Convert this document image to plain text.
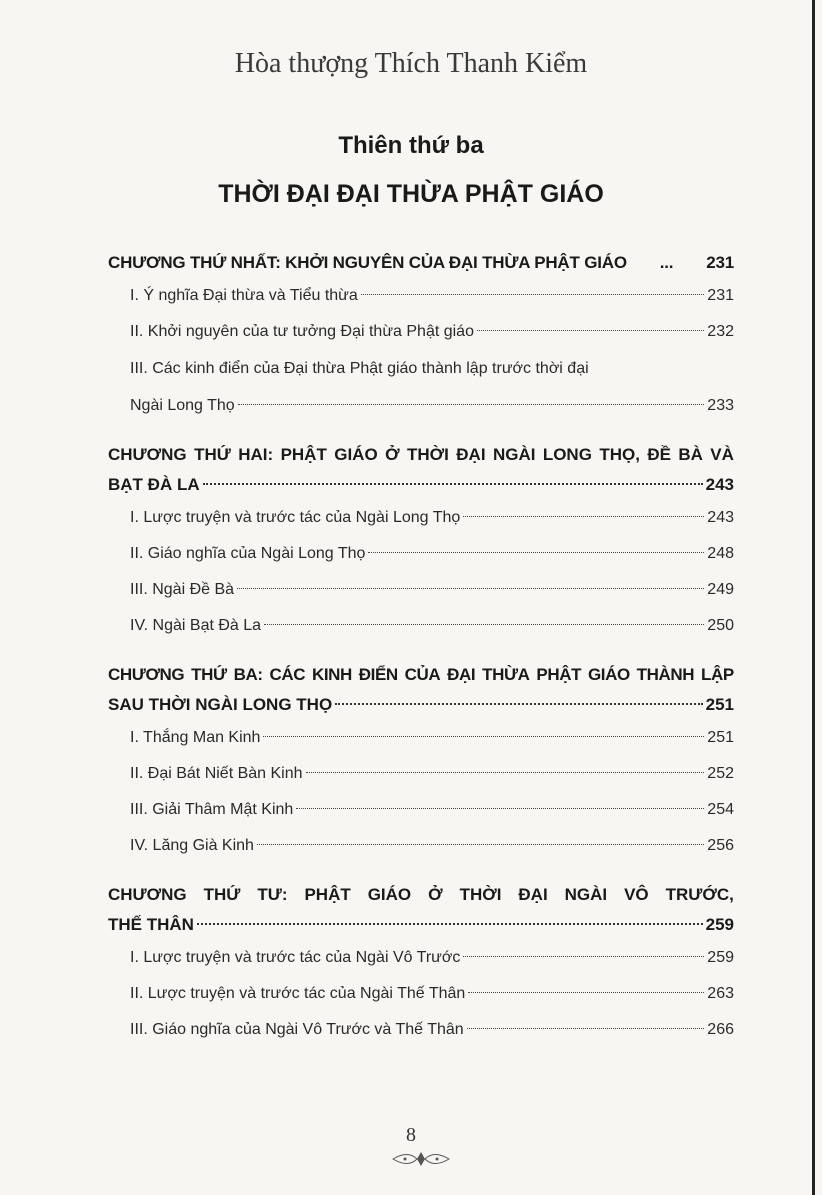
Hòa thượng Thích Thanh Kiểm
Thiên thứ ba
THỜI ĐẠI ĐẠI THỪA PHẬT GIÁO
CHƯƠNG THỨ NHẤT: KHỞI NGUYÊN CỦA ĐẠI THỪA PHẬT GIÁO ... 231
I. Ý nghĩa Đại thừa và Tiểu thừa	231
II. Khởi nguyên của tư tưởng Đại thừa Phật giáo	232
III. Các kinh điển của Đại thừa Phật giáo thành lập trước thời đại
Ngài Long Thọ	233
CHƯƠNG THỨ HAI: PHẬT GIÁO Ở THỜI ĐẠI NGÀI LONG THỌ, ĐỀ BÀ VÀ
BẠT ĐÀ LA	243
I. Lược truyện và trước tác của Ngài Long Thọ	243
II. Giáo nghĩa của Ngài Long Thọ	248
III. Ngài Đề Bà	249
IV. Ngài Bạt Đà La	250
CHƯƠNG THỨ BA: CÁC KINH ĐIỂN CỦA ĐẠI THỪA PHẬT GIÁO THÀNH LẬP
SAU THỜI NGÀI LONG THỌ	251
I. Thắng Man Kinh	251
II. Đại Bát Niết Bàn Kinh	252
III. Giải Thâm Mật Kinh	254
IV. Lăng Già Kinh	256
CHƯƠNG THỨ TƯ: PHẬT GIÁO Ở THỜI ĐẠI NGÀI VÔ TRƯỚC,
THẾ THÂN	259
I. Lược truyện và trước tác của Ngài Vô Trước	259
II. Lược truyện và trước tác của Ngài Thế Thân	263
III. Giáo nghĩa của Ngài Vô Trước và Thế Thân	266
8
